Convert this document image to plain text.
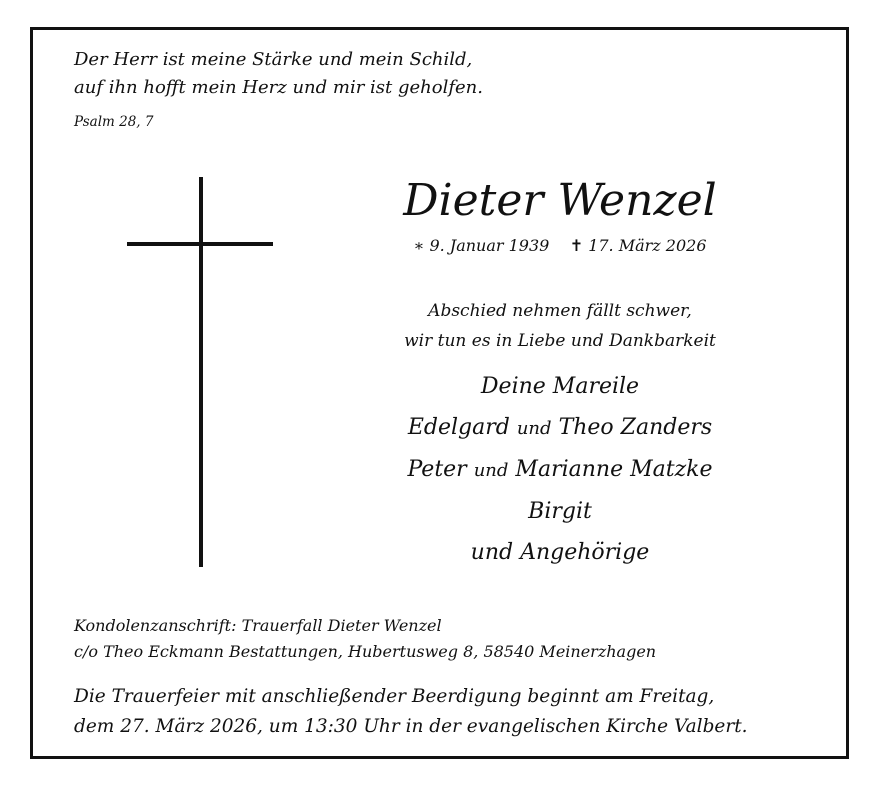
Der Herr ist meine Stärke und mein Schild,
auf ihn hofft mein Herz und mir ist geholfen.
Psalm 28, 7
Dieter Wenzel
∗ 9. Januar 1939 ✝ 17. März 2026
Abschied nehmen fällt schwer,
wir tun es in Liebe und Dankbarkeit
Deine Mareile
Edelgard und Theo Zanders
Peter und Marianne Matzke
Birgit
und Angehörige
Kondolenzanschrift: Trauerfall Dieter Wenzel
c/o Theo Eckmann Bestattungen, Hubertusweg 8, 58540 Meinerzhagen
Die Trauerfeier mit anschließender Beerdigung beginnt am Freitag,
dem 27. März 2026, um 13:30 Uhr in der evangelischen Kirche Valbert.
